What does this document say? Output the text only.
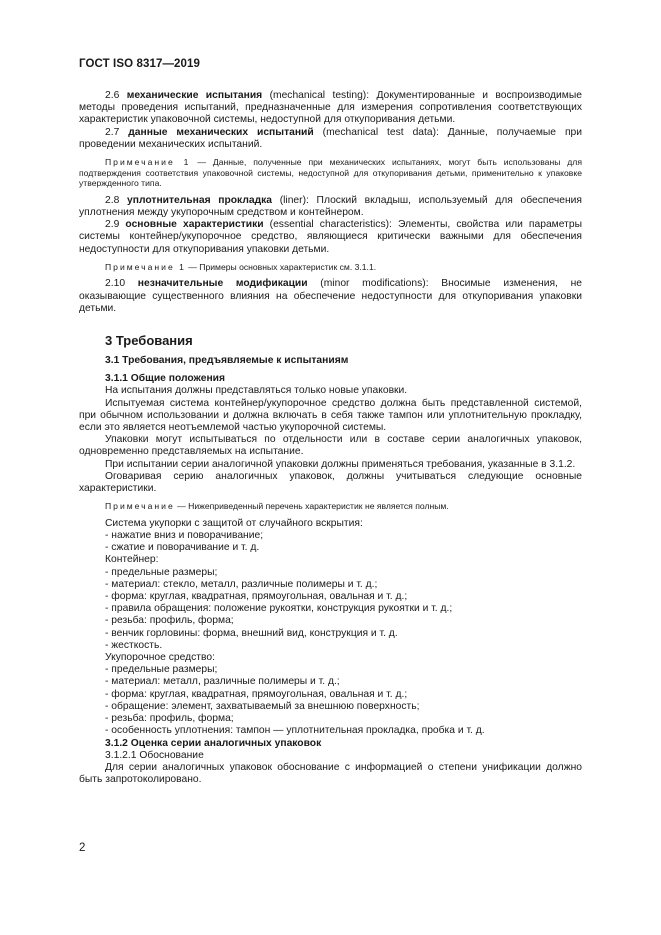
ГОСТ ISO 8317—2019

2.6 механические испытания (mechanical testing): Документированные и воспроизводимые методы проведения испытаний, предназначенные для измерения сопротивления соответствующих характеристик упаковочной системы, недоступной для откупоривания детьми.

2.7 данные механических испытаний (mechanical test data): Данные, получаемые при проведении механических испытаний.

Примечание 1 — Данные, полученные при механических испытаниях, могут быть использованы для подтверждения соответствия упаковочной системы, недоступной для откупоривания детьми, применительно к упаковке утвержденного типа.

2.8 уплотнительная прокладка (liner): Плоский вкладыш, используемый для обеспечения уплотнения между укупорочным средством и контейнером.

2.9 основные характеристики (essential characteristics): Элементы, свойства или параметры системы контейнер/укупорочное средство, являющиеся критически важными для обеспечения недоступности для откупоривания упаковки детьми.

Примечание 1 — Примеры основных характеристик см. 3.1.1.

2.10 незначительные модификации (minor modifications): Вносимые изменения, не оказывающие существенного влияния на обеспечение недоступности для откупоривания упаковки детьми.

3 Требования

3.1 Требования, предъявляемые к испытаниям

3.1.1 Общие положения

На испытания должны представляться только новые упаковки.

Испытуемая система контейнер/укупорочное средство должна быть представленной системой, при обычном использовании и должна включать в себя также тампон или уплотнительную прокладку, если это является неотъемлемой частью укупорочной системы.

Упаковки могут испытываться по отдельности или в составе серии аналогичных упаковок, одновременно представляемых на испытание.

При испытании серии аналогичной упаковки должны применяться требования, указанные в 3.1.2.

Оговаривая серию аналогичных упаковок, должны учитываться следующие основные характеристики.

Примечание — Нижеприведенный перечень характеристик не является полным.

Система укупорки с защитой от случайного вскрытия:

- нажатие вниз и поворачивание;

- сжатие и поворачивание и т. д.

Контейнер:

- предельные размеры;

- материал: стекло, металл, различные полимеры и т. д.;

- форма: круглая, квадратная, прямоугольная, овальная и т. д.;

- правила обращения: положение рукоятки, конструкция рукоятки и т. д.;

- резьба: профиль, форма;

- венчик горловины: форма, внешний вид, конструкция и т. д.

- жесткость.

Укупорочное средство:

- предельные размеры;

- материал: металл, различные полимеры и т. д.;

- форма: круглая, квадратная, прямоугольная, овальная и т. д.;

- обращение: элемент, захватываемый за внешнюю поверхность;

- резьба: профиль, форма;

- особенность уплотнения: тампон — уплотнительная прокладка, пробка и т. д.

3.1.2 Оценка серии аналогичных упаковок

3.1.2.1 Обоснование

Для серии аналогичных упаковок обоснование с информацией о степени унификации должно быть запротоколировано.

2
